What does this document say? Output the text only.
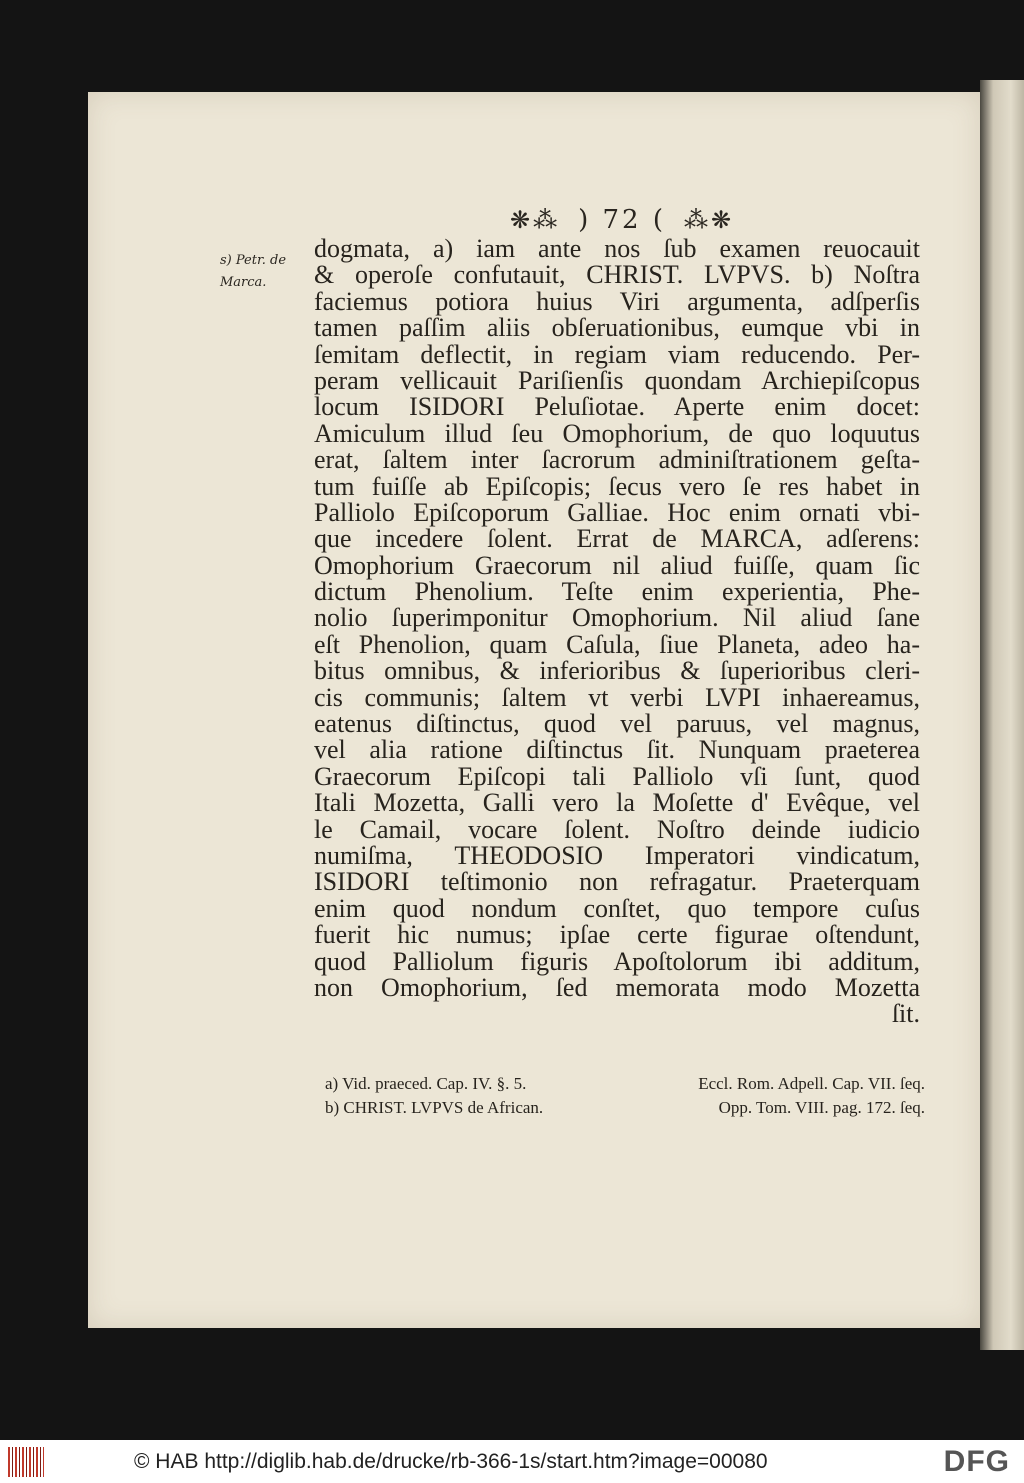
❋⁂ ) 72 ( ⁂❋
s) Petr. de
Marca.
dogmata, a) iam ante nos ſub examen reuocauit
& operoſe confutauit, CHRIST. LVPVS. b) Noſtra
faciemus potiora huius Viri argumenta, adſperſis
tamen paſſim aliis obſeruationibus, eumque vbi in
ſemitam deflectit, in regiam viam reducendo. Per-
peram vellicauit Pariſienſis quondam Archiepiſcopus
locum ISIDORI Peluſiotae. Aperte enim docet:
Amiculum illud ſeu Omophorium, de quo loquutus
erat, ſaltem inter ſacrorum adminiſtrationem geſta-
tum fuiſſe ab Epiſcopis; ſecus vero ſe res habet in
Palliolo Epiſcoporum Galliae. Hoc enim ornati vbi-
que incedere ſolent. Errat de MARCA, adſerens:
Omophorium Graecorum nil aliud fuiſſe, quam ſic
dictum Phenolium. Teſte enim experientia, Phe-
nolio ſuperimponitur Omophorium. Nil aliud ſane
eſt Phenolion, quam Caſula, ſiue Planeta, adeo ha-
bitus omnibus, & inferioribus & ſuperioribus cleri-
cis communis; ſaltem vt verbi LVPI inhaereamus,
eatenus diſtinctus, quod vel paruus, vel magnus,
vel alia ratione diſtinctus ſit. Nunquam praeterea
Graecorum Epiſcopi tali Palliolo vſi ſunt, quod
Itali Mozetta, Galli vero la Moſette d' Evêque, vel
le Camail, vocare ſolent. Noſtro deinde iudicio
numiſma, THEODOSIO Imperatori vindicatum,
ISIDORI teſtimonio non refragatur. Praeterquam
enim quod nondum conſtet, quo tempore cuſus
fuerit hic numus; ipſae certe figurae oſtendunt,
quod Palliolum figuris Apoſtolorum ibi additum,
non Omophorium, ſed memorata modo Mozetta
ſit.
a) Vid. praeced. Cap. IV. §. 5.	Eccl. Rom. Adpell. Cap. VII. ſeq.
b) CHRIST. LVPVS de African.	Opp. Tom. VIII. pag. 172. ſeq.
© HAB http://diglib.hab.de/drucke/rb-366-1s/start.htm?image=00080	DFG
